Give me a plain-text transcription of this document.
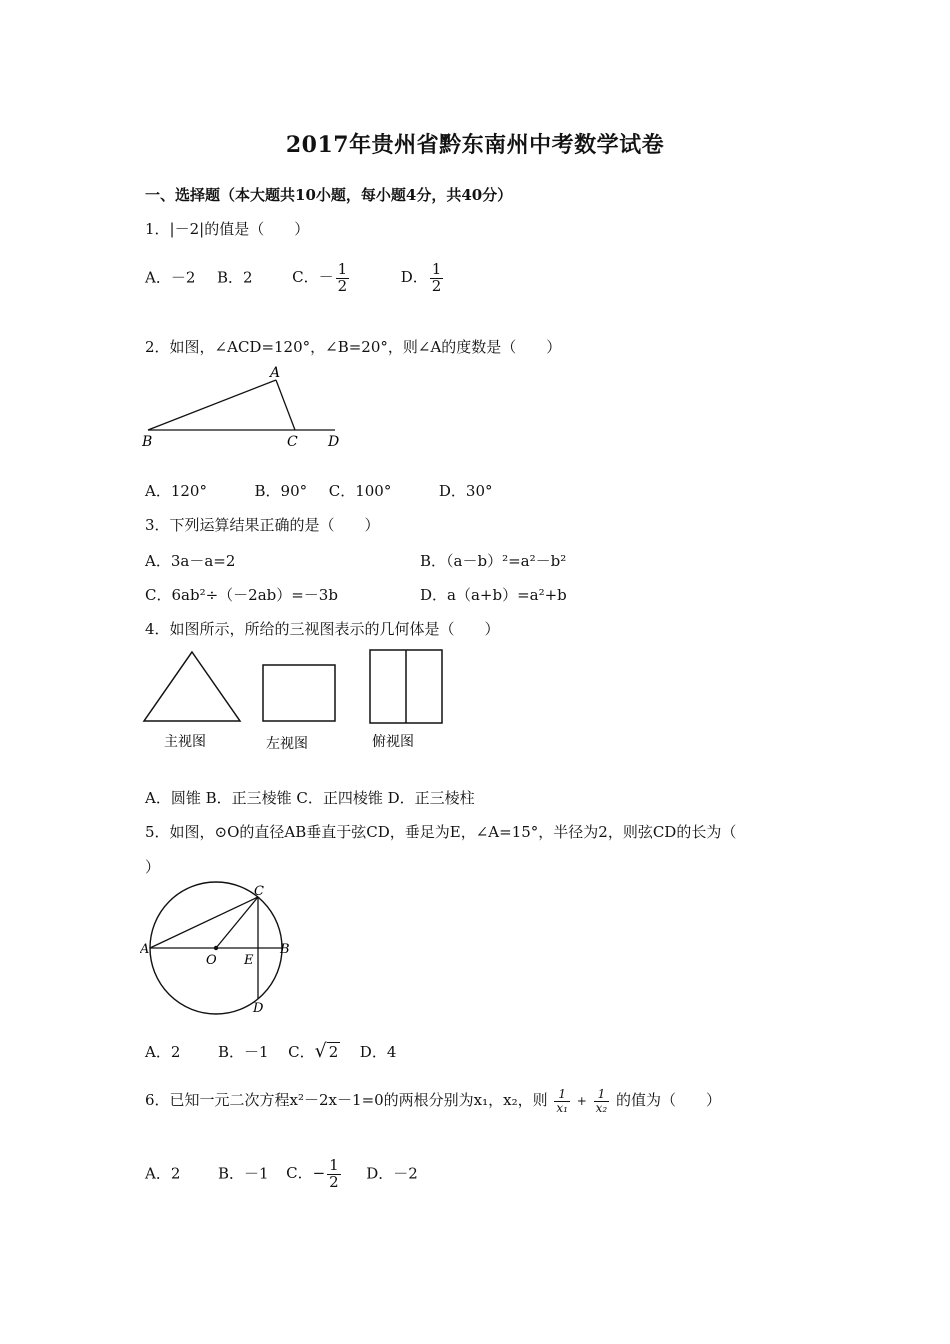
2017年贵州省黔东南州中考数学试卷
一、选择题（本大题共10小题，每小题4分，共40分）
1．|－2|的值是（　　）
A．－2 B．2	C．－ $\frac{1}{2}$	D． $\frac{1}{2}$
2．如图，∠ACD=120°，∠B=20°，则∠A的度数是（　　）
A
B	C D
A．120°	B．90° C．100°	D．30°
3．下列运算结果正确的是（　　）
A．3a－a=2	B．（a－b）²=a²－b²
C．6ab²÷（－2ab）=－3b	D．a（a+b）=a²+b
4．如图所示，所给的三视图表示的几何体是（　　）
主视图	左视图	俯视图
A．圆锥 B．正三棱锥 C．正四棱锥 D．正三棱柱
5．如图，⊙O的直径AB垂直于弦CD，垂足为E，∠A=15°，半径为2，则弦CD的长为（
）
A	B
C
D
O E
A．2	B．－1 C．√ 2 D．4
6．已知一元二次方程x²－2x－1=0的两根分别为x₁，x₂，则 $\frac{1}{\text{x₁}} + \frac{1}{\text{x₂}}$ 的值为（　　）
A．2	B．－1 C．− $\frac{1}{2}$ D．－2
